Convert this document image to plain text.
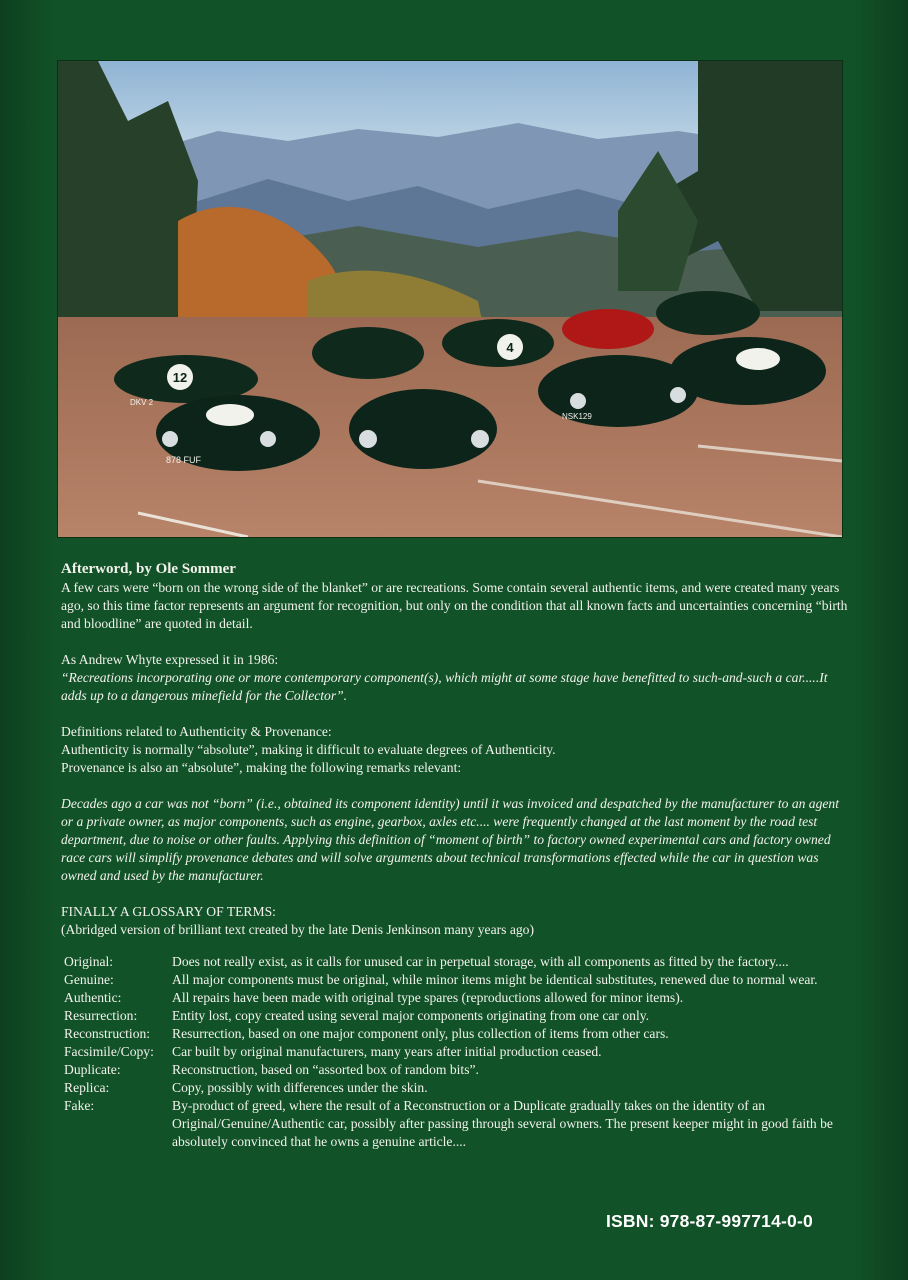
12
4
878 FUF
DKV 2
NSK129

Afterword, by Ole Sommer

A few cars were “born on the wrong side of the blanket” or are recreations. Some contain several authentic items, and were created many years ago, so this time factor represents an argument for recognition, but only on the condition that all known facts and uncertainties concerning “birth and bloodline” are quoted in detail.

As Andrew Whyte expressed it in 1986:

“Recreations incorporating one or more contemporary component(s), which might at some stage have benefitted to such-and-such a car.....It adds up to a dangerous minefield for the Collector”.

Definitions related to Authenticity & Provenance:

Authenticity is normally “absolute”, making it difficult to evaluate degrees of Authenticity.

Provenance is also an “absolute”, making the following remarks relevant:

Decades ago a car was not “born” (i.e., obtained its component identity) until it was invoiced and despatched by the manufacturer to an agent or a private owner, as major components, such as engine, gearbox, axles etc.... were frequently changed at the last moment by the road test department, due to noise or other faults. Applying this definition of “moment of birth” to factory owned experimental cars and factory owned race cars will simplify provenance debates and will solve arguments about technical transformations effected while the car in question was owned and used by the manufacturer.

FINALLY A GLOSSARY OF TERMS:

(Abridged version of brilliant text created by the late Denis Jenkinson many years ago)

Original:	Does not really exist, as it calls for unused car in perpetual storage, with all components as fitted by the factory....
Genuine:	All major components must be original, while minor items might be identical substitutes, renewed due to normal wear.
Authentic:	All repairs have been made with original type spares (reproductions allowed for minor items).
Resurrection:	Entity lost, copy created using several major components originating from one car only.
Reconstruction:	Resurrection, based on one major component only, plus collection of items from other cars.
Facsimile/Copy:	Car built by original manufacturers, many years after initial production ceased.
Duplicate:	Reconstruction, based on “assorted box of random bits”.
Replica:	Copy, possibly with differences under the skin.
Fake:	By-product of greed, where the result of a Reconstruction or a Duplicate gradually takes on the identity of an Original/Genuine/Authentic car, possibly after passing through several owners. The present keeper might in good faith be absolutely convinced that he owns a genuine article....
ISBN: 978-87-997714-0-0
